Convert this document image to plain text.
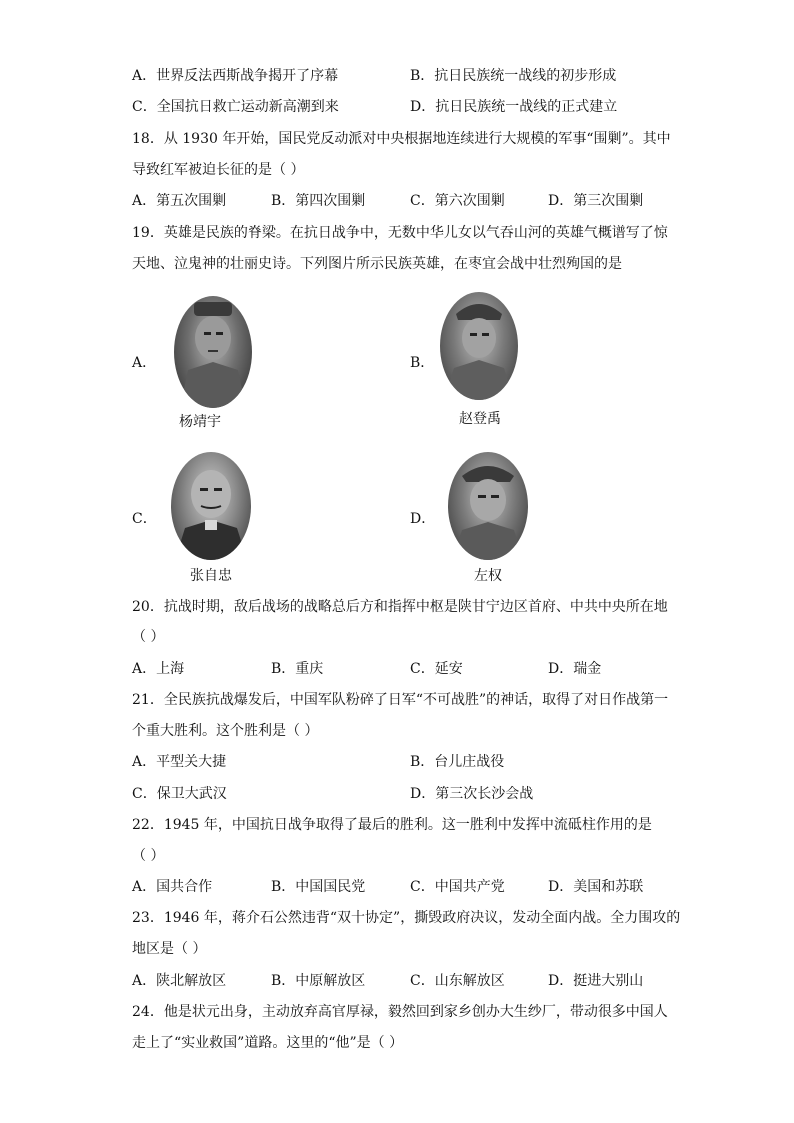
A．世界反法西斯战争揭开了序幕	B．抗日民族统一战线的初步形成
C．全国抗日救亡运动新高潮到来	D．抗日民族统一战线的正式建立
18．从 1930 年开始，国民党反动派对中央根据地连续进行大规模的军事“围剿”。其中
导致红军被迫长征的是（ ）
A．第五次围剿	B．第四次围剿	C．第六次围剿	D．第三次围剿
19．英雄是民族的脊梁。在抗日战争中，无数中华儿女以气吞山河的英雄气概谱写了惊
天地、泣鬼神的壮丽史诗。下列图片所示民族英雄，在枣宜会战中壮烈殉国的是
A．
杨靖宇
B．
赵登禹
C．
张自忠
D．
左权
20．抗战时期，敌后战场的战略总后方和指挥中枢是陕甘宁边区首府、中共中央所在地
（ ）
A．上海	B．重庆	C．延安	D．瑞金
21．全民族抗战爆发后，中国军队粉碎了日军“不可战胜”的神话，取得了对日作战第一
个重大胜利。这个胜利是（ ）
A．平型关大捷	B．台儿庄战役
C．保卫大武汉	D．第三次长沙会战
22．1945 年，中国抗日战争取得了最后的胜利。这一胜利中发挥中流砥柱作用的是
（ ）
A．国共合作	B．中国国民党	C．中国共产党	D．美国和苏联
23．1946 年，蒋介石公然违背“双十协定”，撕毁政府决议，发动全面内战。全力围攻的
地区是（ ）
A．陕北解放区	B．中原解放区	C．山东解放区	D．挺进大别山
24．他是状元出身，主动放弃高官厚禄，毅然回到家乡创办大生纱厂，带动很多中国人
走上了“实业救国”道路。这里的“他”是（ ）
